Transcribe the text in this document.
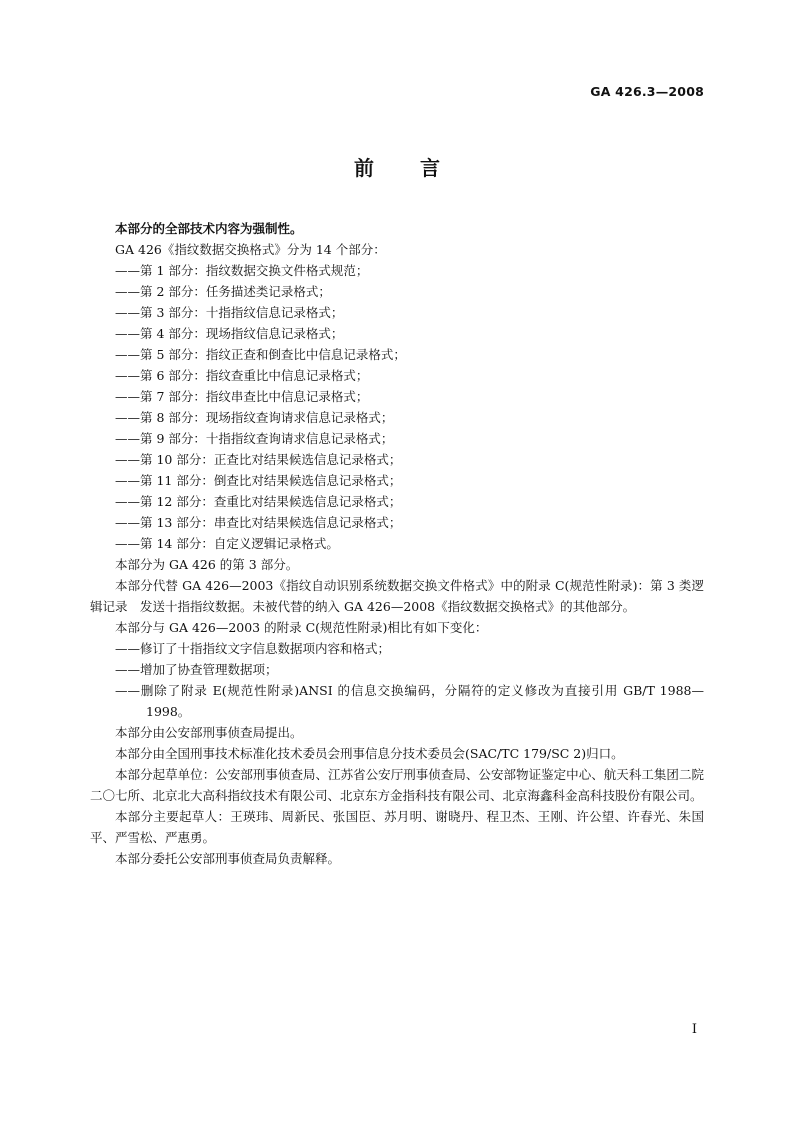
GA 426.3—2008
前言

本部分的全部技术内容为强制性。

GA 426《指纹数据交换格式》分为 14 个部分：

——第 1 部分：指纹数据交换文件格式规范；

——第 2 部分：任务描述类记录格式；

——第 3 部分：十指指纹信息记录格式；

——第 4 部分：现场指纹信息记录格式；

——第 5 部分：指纹正查和倒查比中信息记录格式；

——第 6 部分：指纹查重比中信息记录格式；

——第 7 部分：指纹串查比中信息记录格式；

——第 8 部分：现场指纹查询请求信息记录格式；

——第 9 部分：十指指纹查询请求信息记录格式；

——第 10 部分：正查比对结果候选信息记录格式；

——第 11 部分：倒查比对结果候选信息记录格式；

——第 12 部分：查重比对结果候选信息记录格式；

——第 13 部分：串查比对结果候选信息记录格式；

——第 14 部分：自定义逻辑记录格式。

本部分为 GA 426 的第 3 部分。

本部分代替 GA 426—2003《指纹自动识别系统数据交换文件格式》中的附录 C(规范性附录)：第 3 类逻辑记录　发送十指指纹数据。未被代替的纳入 GA 426—2008《指纹数据交换格式》的其他部分。

本部分与 GA 426—2003 的附录 C(规范性附录)相比有如下变化：

——修订了十指指纹文字信息数据项内容和格式；

——增加了协查管理数据项；

——删除了附录 E(规范性附录)ANSI 的信息交换编码，分隔符的定义修改为直接引用 GB/T 1988—1998。

本部分由公安部刑事侦查局提出。

本部分由全国刑事技术标准化技术委员会刑事信息分技术委员会(SAC/TC 179/SC 2)归口。

本部分起草单位：公安部刑事侦查局、江苏省公安厅刑事侦查局、公安部物证鉴定中心、航天科工集团二院二〇七所、北京北大高科指纹技术有限公司、北京东方金指科技有限公司、北京海鑫科金高科技股份有限公司。

本部分主要起草人：王瑛玮、周新民、张国臣、苏月明、谢晓丹、程卫杰、王刚、许公望、许春光、朱国平、严雪松、严惠勇。

本部分委托公安部刑事侦查局负责解释。

I
